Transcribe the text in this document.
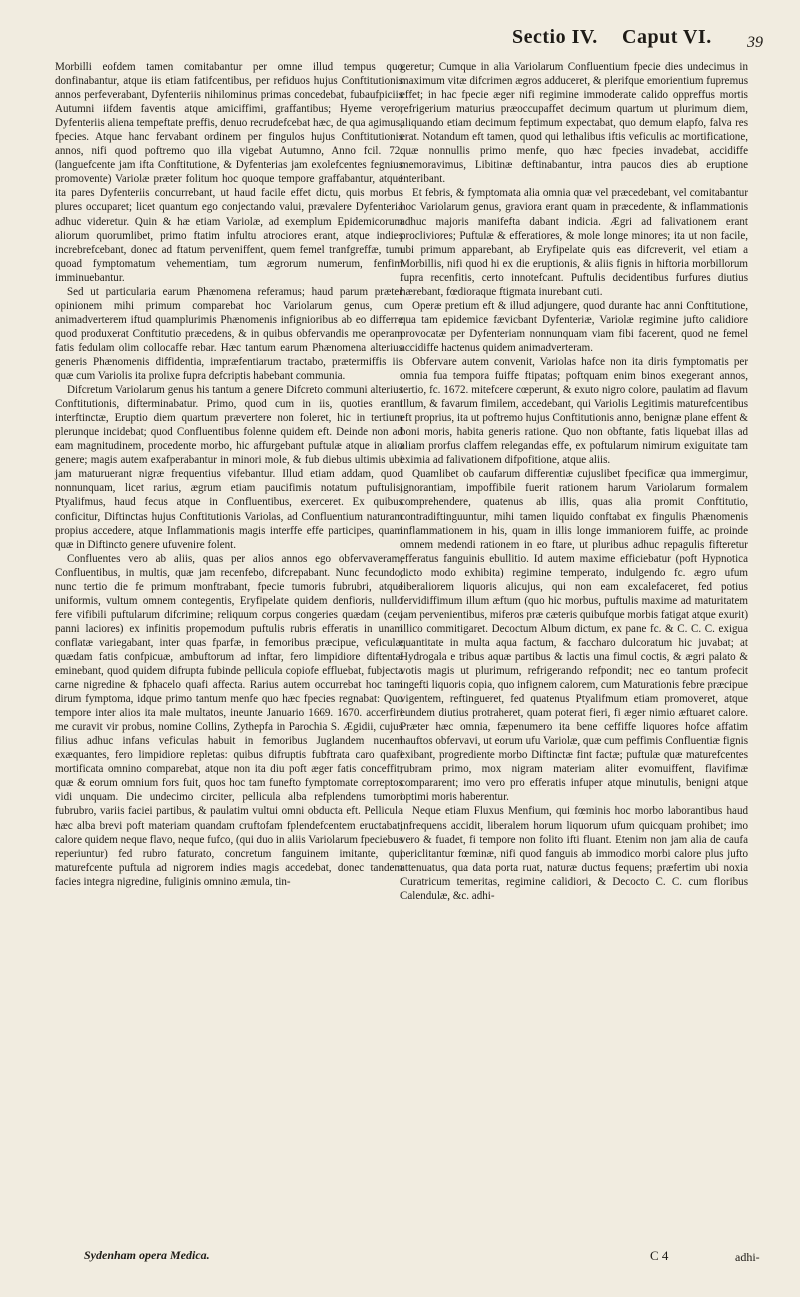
Sectio IV. Caput VI. 39

Morbilli eofdem tamen comitabantur per omne illud tempus quo donfinabantur, atque iis etiam fatifcentibus, per refiduos hujus Conftitutionis annos perfeverabant, Dyfenteriis nihilominus primas concedebat, fubaufpiciis Autumni iifdem faventis atque amiciffimi, graffantibus; Hyeme vero, Dyfenteriis aliena tempeftate preffis, denuo recrudefcebat hæc, de qua agimus, fpecies. Atque hanc fervabant ordinem per fingulos hujus Conftitutionis annos, nifi quod poftremo quo illa vigebat Autumno, Anno fcil. 72. (languefcente jam ifta Conftitutione, & Dyfenterias jam exolefcentes fegnius promovente) Variolæ præter folitum hoc quoque tempore graffabantur, atque ita pares Dyfenteriis concurrebant, ut haud facile effet dictu, quis morbus plures occuparet; licet quantum ego conjectando valui, prævalere Dyfenteria adhuc videretur. Quin & hæ etiam Variolæ, ad exemplum Epidemicorum aliorum quorumlibet, primo ftatim infultu atrociores erant, atque indies increbrefcebant, donec ad ftatum perveniffent, quem femel tranfgreffæ, tum quoad fymptomatum vehementiam, tum ægrorum numerum, fenfim imminuebantur.

Sed ut particularia earum Phænomena referamus; haud parum præter opinionem mihi primum comparebat hoc Variolarum genus, cum animadverterem iftud quamplurimis Phænomenis infignioribus ab eo differre quod produxerat Conftitutio præcedens, & in quibus obfervandis me operam fatis fedulam olim collocaffe rebar. Hæc tantum earum Phænomena alterius generis Phænomenis diffidentia, impræfentiarum tractabo, prætermiffis iis quæ cum Variolis ita prolixe fupra defcriptis habebant communia.

Difcretum Variolarum genus his tantum a genere Difcreto communi alterius Conftitutionis, difterminabatur. Primo, quod cum in iis, quoties erant interftinctæ, Eruptio diem quartum prævertere non foleret, hic in tertium plerunque incidebat; quod Confluentibus folenne quidem eft. Deinde non ad eam magnitudinem, procedente morbo, hic affurgebant puftulæ atque in alio genere; magis autem exafperabantur in minori mole, & fub diebus ultimis ubi jam maturuerant nigræ frequentius vifebantur. Illud etiam addam, quod nonnunquam, licet rarius, ægrum etiam paucifimis notatum puftulis, Ptyalifmus, haud fecus atque in Confluentibus, exerceret. Ex quibus conficitur, Diftinctas hujus Conftitutionis Variolas, ad Confluentium naturam propius accedere, atque Inflammationis magis interffe effe participes, quam quæ in Diftincto genere ufuvenire folent.

Confluentes vero ab aliis, quas per alios annos ego obfervaveram, Confluentibus, in multis, quæ jam recenfebo, difcrepabant. Nunc fecundo, nunc tertio die fe primum monftrabant, fpecie tumoris fubrubri, atque uniformis, vultum omnem contegentis, Eryfipelate quidem denfioris, nullo fere vifibili puftularum difcrimine; reliquum corpus congeries quædam (ceu panni laciores) ex infinitis propemodum puftulis rubris efferatis in unam conflatæ variegabant, inter quas fparfæ, in femoribus præcipue, veficulæ quædam fatis confpicuæ, ambuftorum ad inftar, fero limpidiore diftentæ eminebant, quod quidem difrupta fubinde pellicula copiofe effluebat, fubjecta carne nigredine & fphacelo quafi affecta. Rarius autem occurrebat hoc tam dirum fymptoma, idque primo tantum menfe quo hæc fpecies regnabat: Quo tempore inter alios ita male multatos, ineunte Januario 1669. 1670. accerfiri me curavit vir probus, nomine Collins, Zythepfa in Parochia S. Ægidii, cujus filius adhuc infans veficulas habuit in femoribus Juglandem nucem exæquantes, fero limpidiore repletas: quibus difruptis fubftrata caro quafi mortificata omnino comparebat, atque non ita diu poft æger fatis conceffit; quæ & eorum omnium fors fuit, quos hoc tam funefto fymptomate correptos vidi unquam. Die undecimo circiter, pellicula alba refplendens tumori fubrubro, variis faciei partibus, & paulatim vultui omni obducta eft. Pellicula hæc alba brevi poft materiam quandam cruftofam fplendefcentem eructabat, calore quidem neque flavo, neque fufco, (qui duo in aliis Variolarum fpeciebus reperiuntur) fed rubro faturato, concretum fanguinem imitante, qui maturefcente puftula ad nigrorem indies magis accedebat, donec tandem facies integra nigredine, fuliginis omnino æmula, tin-

geretur; Cumque in alia Variolarum Confluentium fpecie dies undecimus in maximum vitæ difcrimen ægros adduceret, & plerifque emorientium fupremus effet; in hac fpecie æger nifi regimine immoderate calido oppreffus mortis refrigerium maturius præoccupaffet decimum quartum ut plurimum diem, aliquando etiam decimum feptimum expectabat, quo demum elapfo, falva res erat. Notandum eft tamen, quod qui lethalibus iftis veficulis ac mortificatione, quæ nonnullis primo menfe, quo hæc fpecies invadebat, accidiffe memoravimus, Libitinæ deftinabantur, intra paucos dies ab eruptione interibant.

Et febris, & fymptomata alia omnia quæ vel præcedebant, vel comitabantur hoc Variolarum genus, graviora erant quam in præcedente, & inflammationis adhuc majoris manifefta dabant indicia. Ægri ad falivationem erant procliviores; Puftulæ & efferatiores, & mole longe minores; ita ut non facile, ubi primum apparebant, ab Eryfipelate quis eas difcreverit, vel etiam a Morbillis, nifi quod hi ex die eruptionis, & aliis fignis in hiftoria morbillorum fupra recenfitis, certo innotefcant. Puftulis decidentibus furfures diutius hærebant, fœdioraque ftigmata inurebant cuti.

Operæ pretium eft & illud adjungere, quod durante hac anni Conftitutione, qua tam epidemice fævicbant Dyfenteriæ, Variolæ regimine jufto calidiore provocatæ per Dyfenteriam nonnunquam viam fibi facerent, quod ne femel accidiffe hactenus quidem animadverteram.

Obfervare autem convenit, Variolas hafce non ita diris fymptomatis per omnia fua tempora fuiffe ftipatas; poftquam enim binos exegerant annos, tertio, fc. 1672. mitefcere cœperunt, & exuto nigro colore, paulatim ad flavum illum, & favarum fimilem, accedebant, qui Variolis Legitimis maturefcentibus eft proprius, ita ut poftremo hujus Conftitutionis anno, benignæ plane effent & boni moris, habita generis ratione. Quo non obftante, fatis liquebat illas ad aliam prorfus claffem relegandas effe, ex poftularum nimirum exiguitate tam eximia ad falivationem difpofitione, atque aliis.

Quamlibet ob caufarum differentiæ cujuslibet fpecificæ qua immergimur, ignorantiam, impoffibile fuerit rationem harum Variolarum formalem comprehendere, quatenus ab illis, quas alia promit Conftitutio, contradiftinguuntur, mihi tamen liquido conftabat ex fingulis Phænomenis inflammationem in his, quam in illis longe immaniorem fuiffe, ac proinde omnem medendi rationem in eo ftare, ut pluribus adhuc repagulis fifteretur efferatus fanguinis ebullitio. Id autem maxime efficiebatur (poft Hypnotica dicto modo exhibita) regimine temperato, indulgendo fc. ægro ufum liberaliorem liquoris alicujus, qui non eam excalefaceret, fed potius fervidiffimum illum æftum (quo hic morbus, puftulis maxime ad maturitatem jam pervenientibus, miferos præ cæteris quibufque morbis fatigat atque exurit) illico commitigaret. Decoctum Album dictum, ex pane fc. & C. C. C. exigua quantitate in multa aqua factum, & faccharo dulcoratum hic juvabat; at Hydrogala e tribus aquæ partibus & lactis una fimul coctis, & ægri palato & votis magis ut plurimum, refrigerando refpondit; nec eo tantum profecit ingefti liquoris copia, quo infignem calorem, cum Maturationis febre præcipue vigentem, reftingueret, fed quatenus Ptyalifmum etiam promoveret, atque eundem diutius protraheret, quam poterat fieri, fi æger nimio æftuaret calore. Præter hæc omnia, fæpenumero ita bene ceffiffe liquores hofce affatim hauftos obfervavi, ut eorum ufu Variolæ, quæ cum peffimis Confluentiæ fignis exibant, progrediente morbo Diftinctæ fint factæ; puftulæ quæ maturefcentes rubram primo, mox nigram materiam aliter evomuiffent, flavifimæ compararent; imo vero pro efferatis infuper atque minutulis, benigni atque optimi moris haberentur.

Neque etiam Fluxus Menfium, qui fœminis hoc morbo laborantibus haud infrequens accidit, liberalem horum liquorum ufum quicquam prohibet; imo vero & fuadet, fi tempore non folito ifti fluant. Etenim non jam alia de caufa periclitantur fœminæ, nifi quod fanguis ab immodico morbi calore plus jufto attenuatus, qua data porta ruat, naturæ ductus fequens; præfertim ubi noxia Curatricum temeritas, regimine calidiori, & Decocto C. C. cum floribus Calendulæ, &c. adhi-

Sydenham opera Medica.	C 4	adhi-
